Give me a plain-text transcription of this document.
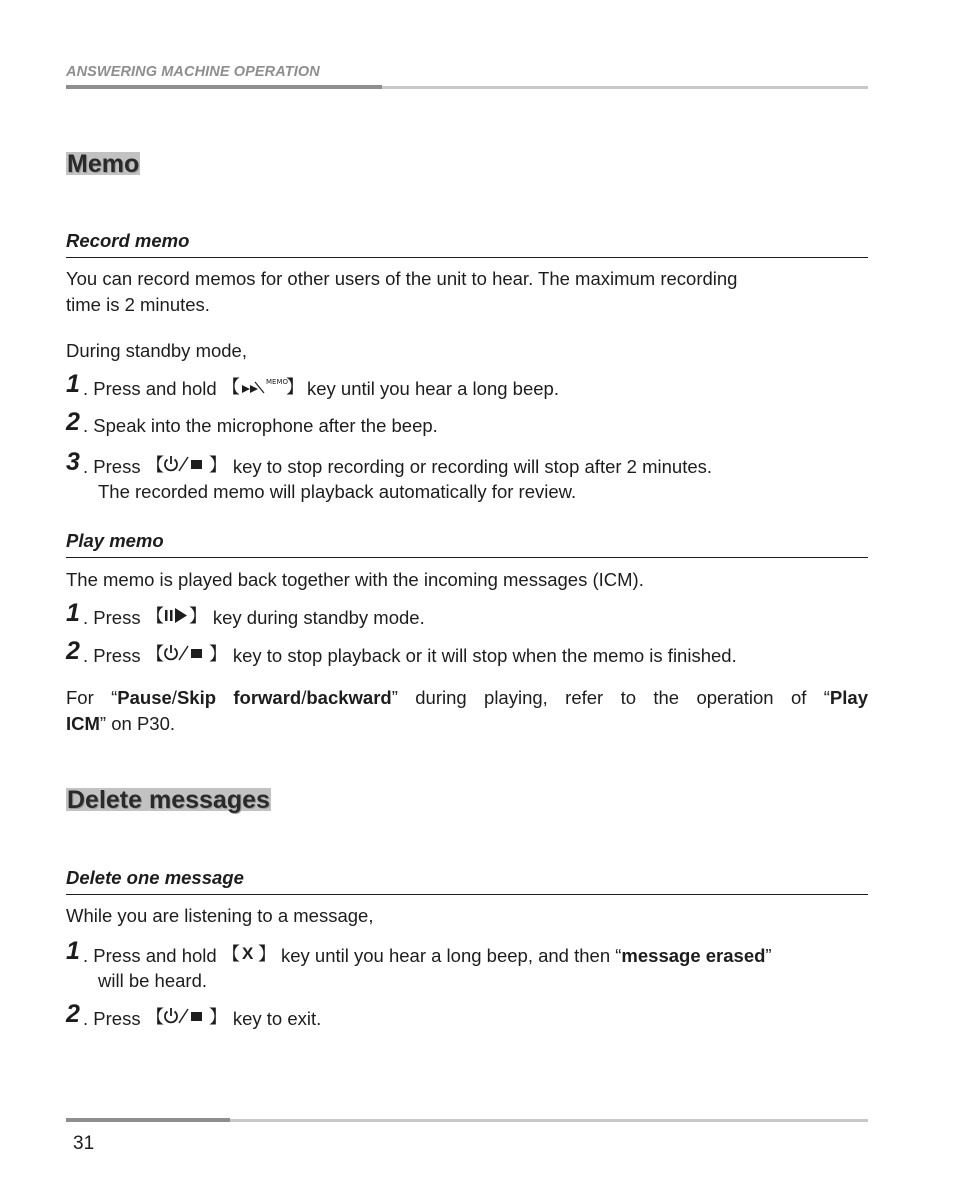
ANSWERING MACHINE OPERATION
Memo
Record memo
You can record memos for other users of the unit to hear. The maximum recording
time is 2 minutes.
During standby mode,
1 . Press and hold 【	MEMO
】 key until you hear a long beep.
2 . Speak into the microphone after the beep.
3 . Press 【	】 key to stop recording or recording will stop after 2 minutes.
The recorded memo will playback automatically for review.
Play memo
The memo is played back together with the incoming messages (ICM).
1 . Press 【 】 key during standby mode.
2 . Press 【	】 key to stop playback or it will stop when the memo is finished.
For “Pause/Skip forward/backward” during playing, refer to the operation of “Play
ICM” on P30.
Delete messages
Delete one message
While you are listening to a message,
1 . Press and hold 【 X 】 key until you hear a long beep, and then “message erased”
will be heard.
2 . Press 【	】 key to exit.
31
